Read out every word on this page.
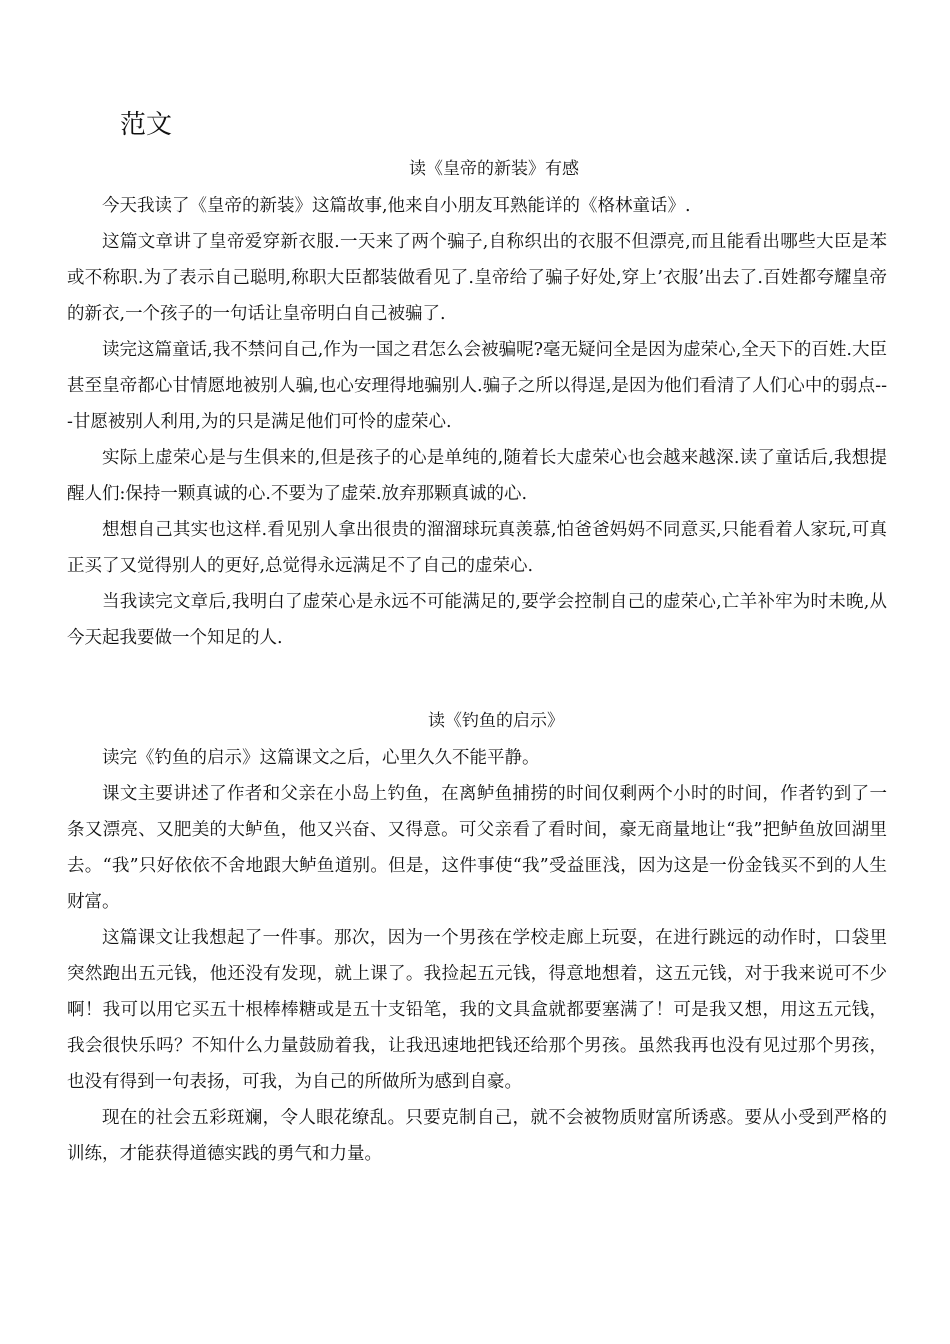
范文
读《皇帝的新装》有感

今天我读了《皇帝的新装》这篇故事,他来自小朋友耳熟能详的《格林童话》.

这篇文章讲了皇帝爱穿新衣服.一天来了两个骗子,自称织出的衣服不但漂亮,而且能看出哪些大臣是苯或不称职.为了表示自己聪明,称职大臣都装做看见了.皇帝给了骗子好处,穿上’衣服’出去了.百姓都夸耀皇帝的新衣,一个孩子的一句话让皇帝明白自己被骗了.

读完这篇童话,我不禁问自己,作为一国之君怎么会被骗呢?毫无疑问全是因为虚荣心,全天下的百姓.大臣甚至皇帝都心甘情愿地被别人骗,也心安理得地骗别人.骗子之所以得逞,是因为他们看清了人们心中的弱点---甘愿被别人利用,为的只是满足他们可怜的虚荣心.

实际上虚荣心是与生俱来的,但是孩子的心是单纯的,随着长大虚荣心也会越来越深.读了童话后,我想提醒人们:保持一颗真诚的心.不要为了虚荣.放弃那颗真诚的心.

想想自己其实也这样.看见别人拿出很贵的溜溜球玩真羡慕,怕爸爸妈妈不同意买,只能看着人家玩,可真正买了又觉得别人的更好,总觉得永远满足不了自己的虚荣心.

当我读完文章后,我明白了虚荣心是永远不可能满足的,要学会控制自己的虚荣心,亡羊补牢为时未晚,从今天起我要做一个知足的人.

读《钓鱼的启示》

读完《钓鱼的启示》这篇课文之后，心里久久不能平静。

课文主要讲述了作者和父亲在小岛上钓鱼，在离鲈鱼捕捞的时间仅剩两个小时的时间，作者钓到了一条又漂亮、又肥美的大鲈鱼，他又兴奋、又得意。可父亲看了看时间，豪无商量地让“我”把鲈鱼放回湖里去。“我”只好依依不舍地跟大鲈鱼道别。但是，这件事使“我”受益匪浅，因为这是一份金钱买不到的人生财富。

这篇课文让我想起了一件事。那次，因为一个男孩在学校走廊上玩耍，在进行跳远的动作时，口袋里突然跑出五元钱，他还没有发现，就上课了。我捡起五元钱，得意地想着，这五元钱，对于我来说可不少啊！我可以用它买五十根棒棒糖或是五十支铅笔，我的文具盒就都要塞满了！可是我又想，用这五元钱，我会很快乐吗？不知什么力量鼓励着我，让我迅速地把钱还给那个男孩。虽然我再也没有见过那个男孩，也没有得到一句表扬，可我，为自己的所做所为感到自豪。

现在的社会五彩斑斓，令人眼花缭乱。只要克制自己，就不会被物质财富所诱惑。要从小受到严格的训练，才能获得道德实践的勇气和力量。
